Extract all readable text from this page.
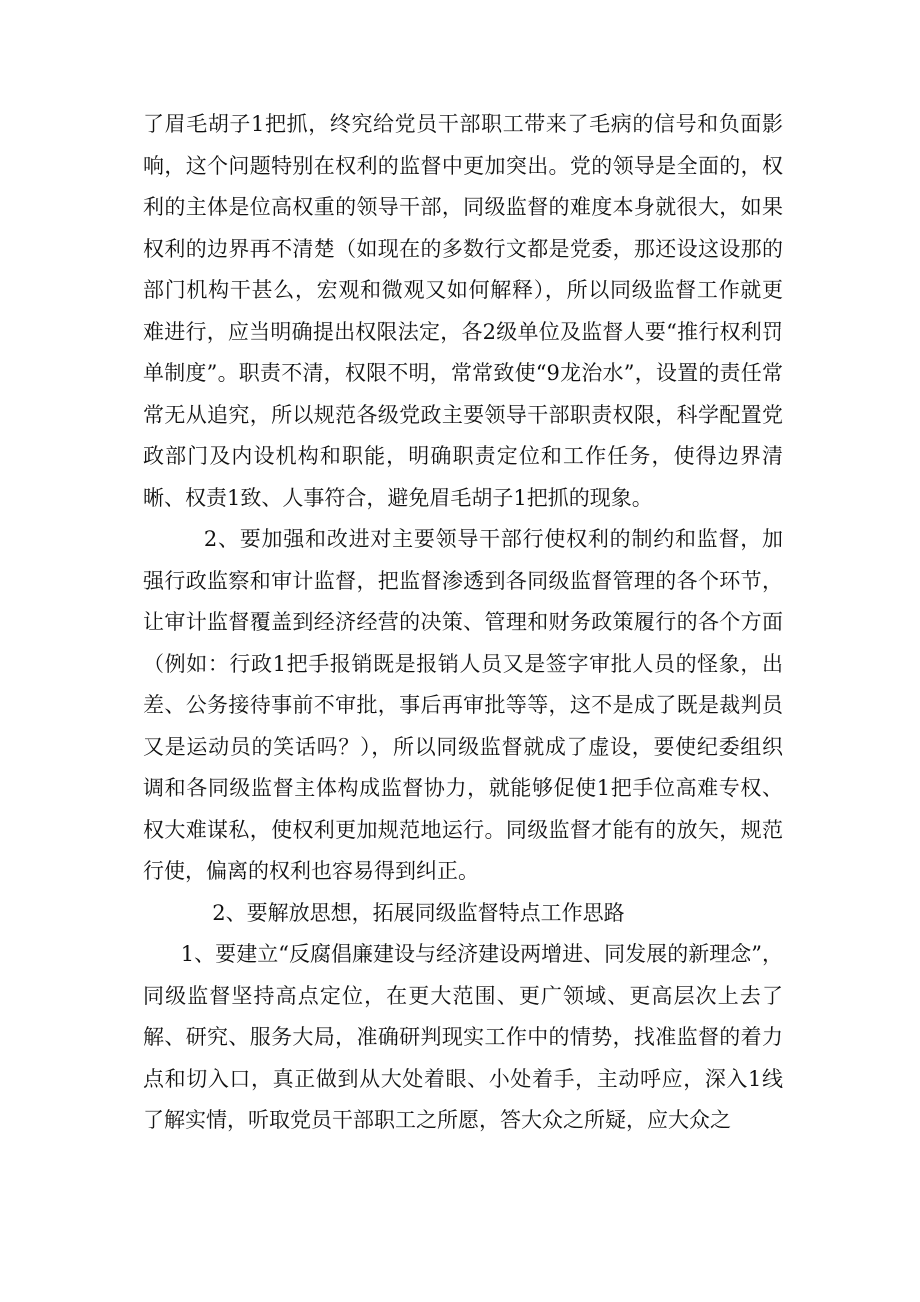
了眉毛胡子1把抓，终究给党员干部职工带来了毛病的信号和负面影响，这个问题特别在权利的监督中更加突出。党的领导是全面的，权利的主体是位高权重的领导干部，同级监督的难度本身就很大，如果权利的边界再不清楚（如现在的多数行文都是党委，那还设这设那的部门机构干甚么，宏观和微观又如何解释），所以同级监督工作就更难进行，应当明确提出权限法定，各2级单位及监督人要“推行权利罚单制度”。职责不清，权限不明，常常致使“9龙治水”，设置的责任常常无从追究，所以规范各级党政主要领导干部职责权限，科学配置党政部门及内设机构和职能，明确职责定位和工作任务，使得边界清晰、权责1致、人事符合，避免眉毛胡子1把抓的现象。

2、要加强和改进对主要领导干部行使权利的制约和监督，加强行政监察和审计监督，把监督渗透到各同级监督管理的各个环节，让审计监督覆盖到经济经营的决策、管理和财务政策履行的各个方面（例如：行政1把手报销既是报销人员又是签字审批人员的怪象，出差、公务接待事前不审批，事后再审批等等，这不是成了既是裁判员又是运动员的笑话吗？），所以同级监督就成了虚设，要使纪委组织调和各同级监督主体构成监督协力，就能够促使1把手位高难专权、权大难谋私，使权利更加规范地运行。同级监督才能有的放矢，规范行使，偏离的权利也容易得到纠正。

2、要解放思想，拓展同级监督特点工作思路

1、要建立“反腐倡廉建设与经济建设两增进、同发展的新理念”，同级监督坚持高点定位，在更大范围、更广领域、更高层次上去了解、研究、服务大局，准确研判现实工作中的情势，找准监督的着力点和切入口，真正做到从大处着眼、小处着手，主动呼应，深入1线了解实情，听取党员干部职工之所愿，答大众之所疑，应大众之
